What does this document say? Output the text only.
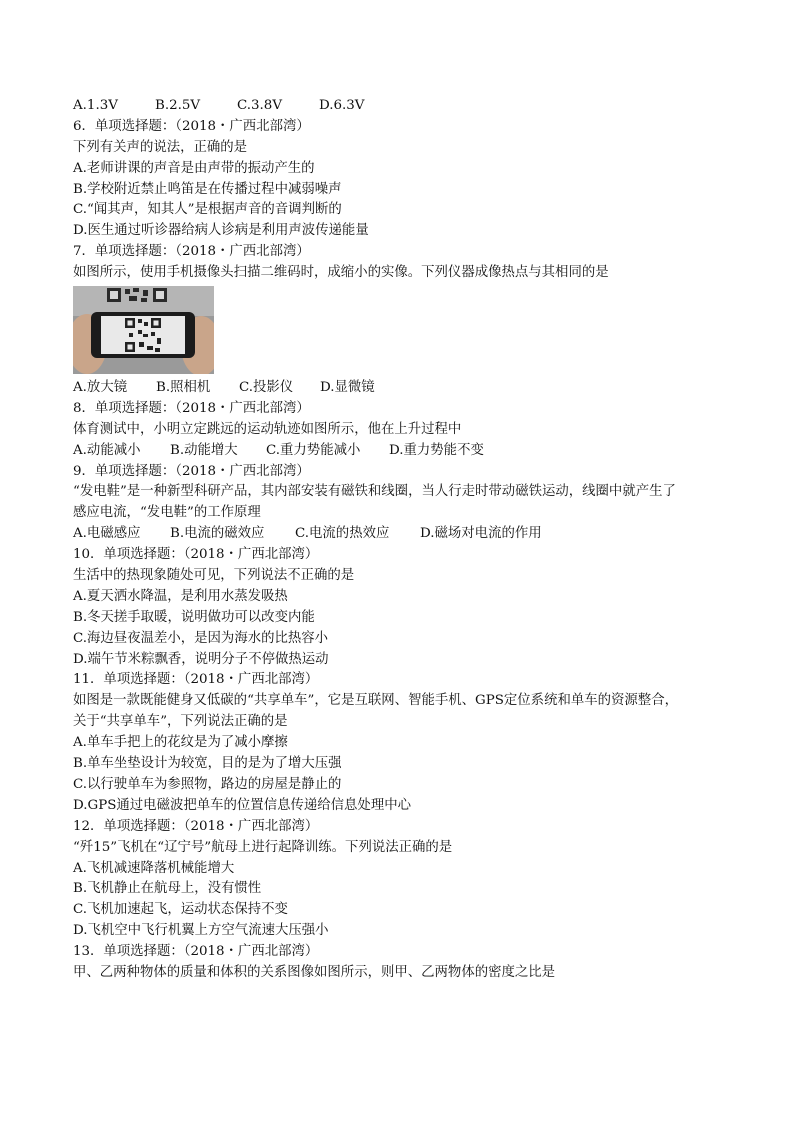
A.1.3V	B.2.5V	C.3.8V	D.6.3V
6．单项选择题：（2018・广西北部湾）
下列有关声的说法，正确的是
A.老师讲课的声音是由声带的振动产生的
B.学校附近禁止鸣笛是在传播过程中减弱噪声
C.“闻其声，知其人”是根据声音的音调判断的
D.医生通过听诊器给病人诊病是利用声波传递能量
7．单项选择题：（2018・广西北部湾）
如图所示，使用手机摄像头扫描二维码时，成缩小的实像。下列仪器成像热点与其相同的是
A.放大镜	B.照相机	C.投影仪	D.显微镜
8．单项选择题：（2018・广西北部湾）
体育测试中，小明立定跳远的运动轨迹如图所示，他在上升过程中
A.动能减小	B.动能增大	C.重力势能减小	D.重力势能不变
9．单项选择题：（2018・广西北部湾）
“发电鞋”是一种新型科研产品，其内部安装有磁铁和线圈，当人行走时带动磁铁运动，线圈中就产生了
感应电流，“发电鞋”的工作原理
A.电磁感应	B.电流的磁效应	C.电流的热效应	D.磁场对电流的作用
10．单项选择题：（2018・广西北部湾）
生活中的热现象随处可见，下列说法不正确的是
A.夏天洒水降温，是利用水蒸发吸热
B.冬天搓手取暖，说明做功可以改变内能
C.海边昼夜温差小，是因为海水的比热容小
D.端午节米粽飘香，说明分子不停做热运动
11．单项选择题：（2018・广西北部湾）
如图是一款既能健身又低碳的“共享单车”，它是互联网、智能手机、GPS定位系统和单车的资源整合，
关于“共享单车”，下列说法正确的是
A.单车手把上的花纹是为了减小摩擦
B.单车坐垫设计为较宽，目的是为了增大压强
C.以行驶单车为参照物，路边的房屋是静止的
D.GPS通过电磁波把单车的位置信息传递给信息处理中心
12．单项选择题：（2018・广西北部湾）
“歼15”飞机在“辽宁号”航母上进行起降训练。下列说法正确的是
A.飞机减速降落机械能增大
B.飞机静止在航母上，没有惯性
C.飞机加速起飞，运动状态保持不变
D.飞机空中飞行机翼上方空气流速大压强小
13．单项选择题：（2018・广西北部湾）
甲、乙两种物体的质量和体积的关系图像如图所示，则甲、乙两物体的密度之比是
